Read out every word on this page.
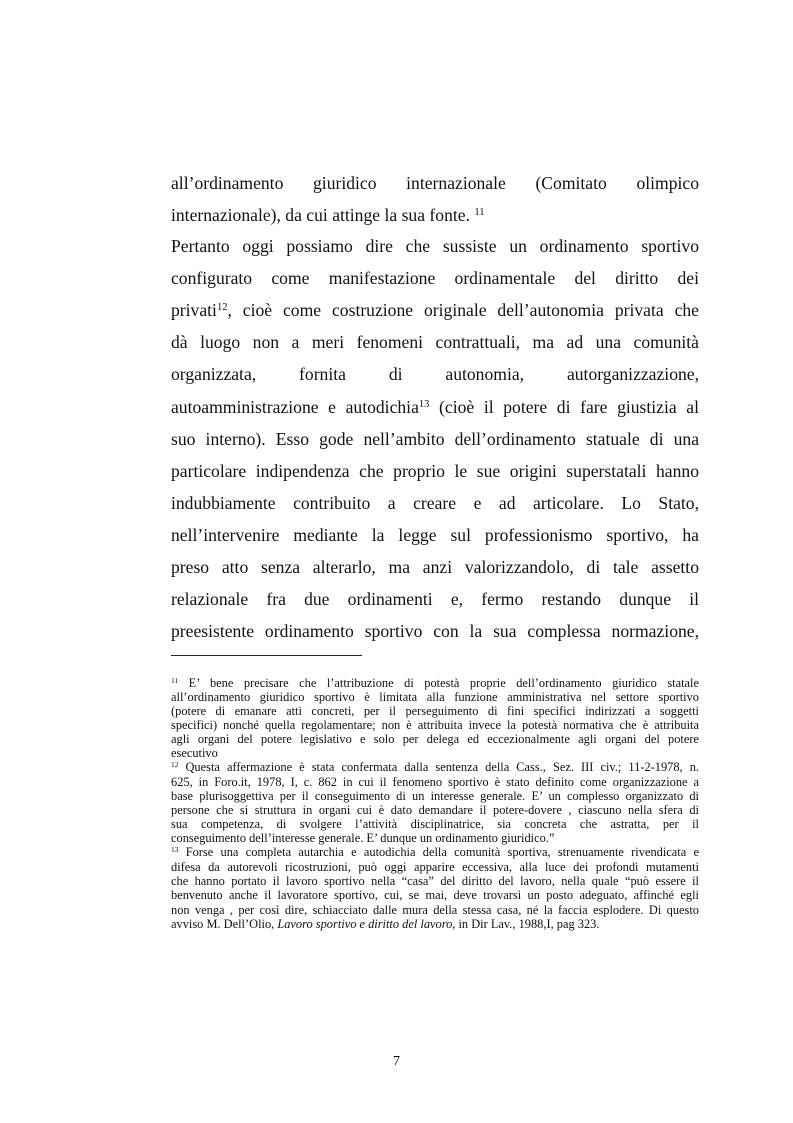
all’ordinamento giuridico internazionale (Comitato olimpico
internazionale), da cui attinge la sua fonte. $^{11}$
Pertanto oggi possiamo dire che sussiste un ordinamento sportivo
configurato come manifestazione ordinamentale del diritto dei
privati$^{12}$, cioè come costruzione originale dell’autonomia privata che
dà luogo non a meri fenomeni contrattuali, ma ad una comunità
organizzata, fornita di autonomia, autorganizzazione,
autoamministrazione e autodichia$^{13}$ (cioè il potere di fare giustizia al
suo interno). Esso gode nell’ambito dell’ordinamento statuale di una
particolare indipendenza che proprio le sue origini superstatali hanno
indubbiamente contribuito a creare e ad articolare. Lo Stato,
nell’intervenire mediante la legge sul professionismo sportivo, ha
preso atto senza alterarlo, ma anzi valorizzandolo, di tale assetto
relazionale fra due ordinamenti e, fermo restando dunque il
preesistente ordinamento sportivo con la sua complessa normazione,
$^{11}$ E’ bene precisare che l’attribuzione di potestà proprie dell’ordinamento giuridico statale
all’ordinamento giuridico sportivo è limitata alla funzione amministrativa nel settore sportivo
(potere di emanare atti concreti, per il perseguimento di fini specifici indirizzati a soggetti
specifici) nonché quella regolamentare; non è attribuita invece la potestà normativa che è attribuita
agli organi del potere legislativo e solo per delega ed eccezionalmente agli organi del potere
esecutivo
$^{12}$ Questa affermazione è stata confermata dalla sentenza della Cass., Sez. III civ.; 11-2-1978, n.
625, in Foro.it, 1978, I, c. 862 in cui il fenomeno sportivo è stato definito come organizzazione a
base plurisoggettiva per il conseguimento di un interesse generale. E’ un complesso organizzato di
persone che si struttura in organi cui è dato demandare il potere-dovere , ciascuno nella sfera di
sua competenza, di svolgere l’attività disciplinatrice, sia concreta che astratta, per il
conseguimento dell’interesse generale. E’ dunque un ordinamento giuridico.”
$^{13}$ Forse una completa autarchia e autodichia della comunità sportiva, strenuamente rivendicata e
difesa da autorevoli ricostruzioni, può oggi apparire eccessiva, alla luce dei profondi mutamenti
che hanno portato il lavoro sportivo nella “casa” del diritto del lavoro, nella quale “può essere il
benvenuto anche il lavoratore sportivo, cui, se mai, deve trovarsi un posto adeguato, affinché egli
non venga , per così dire, schiacciato dalle mura della stessa casa, né la faccia esplodere. Di questo
avviso M. Dell’Olio, Lavoro sportivo e diritto del lavoro, in Dir Lav., 1988,I, pag 323.
7
